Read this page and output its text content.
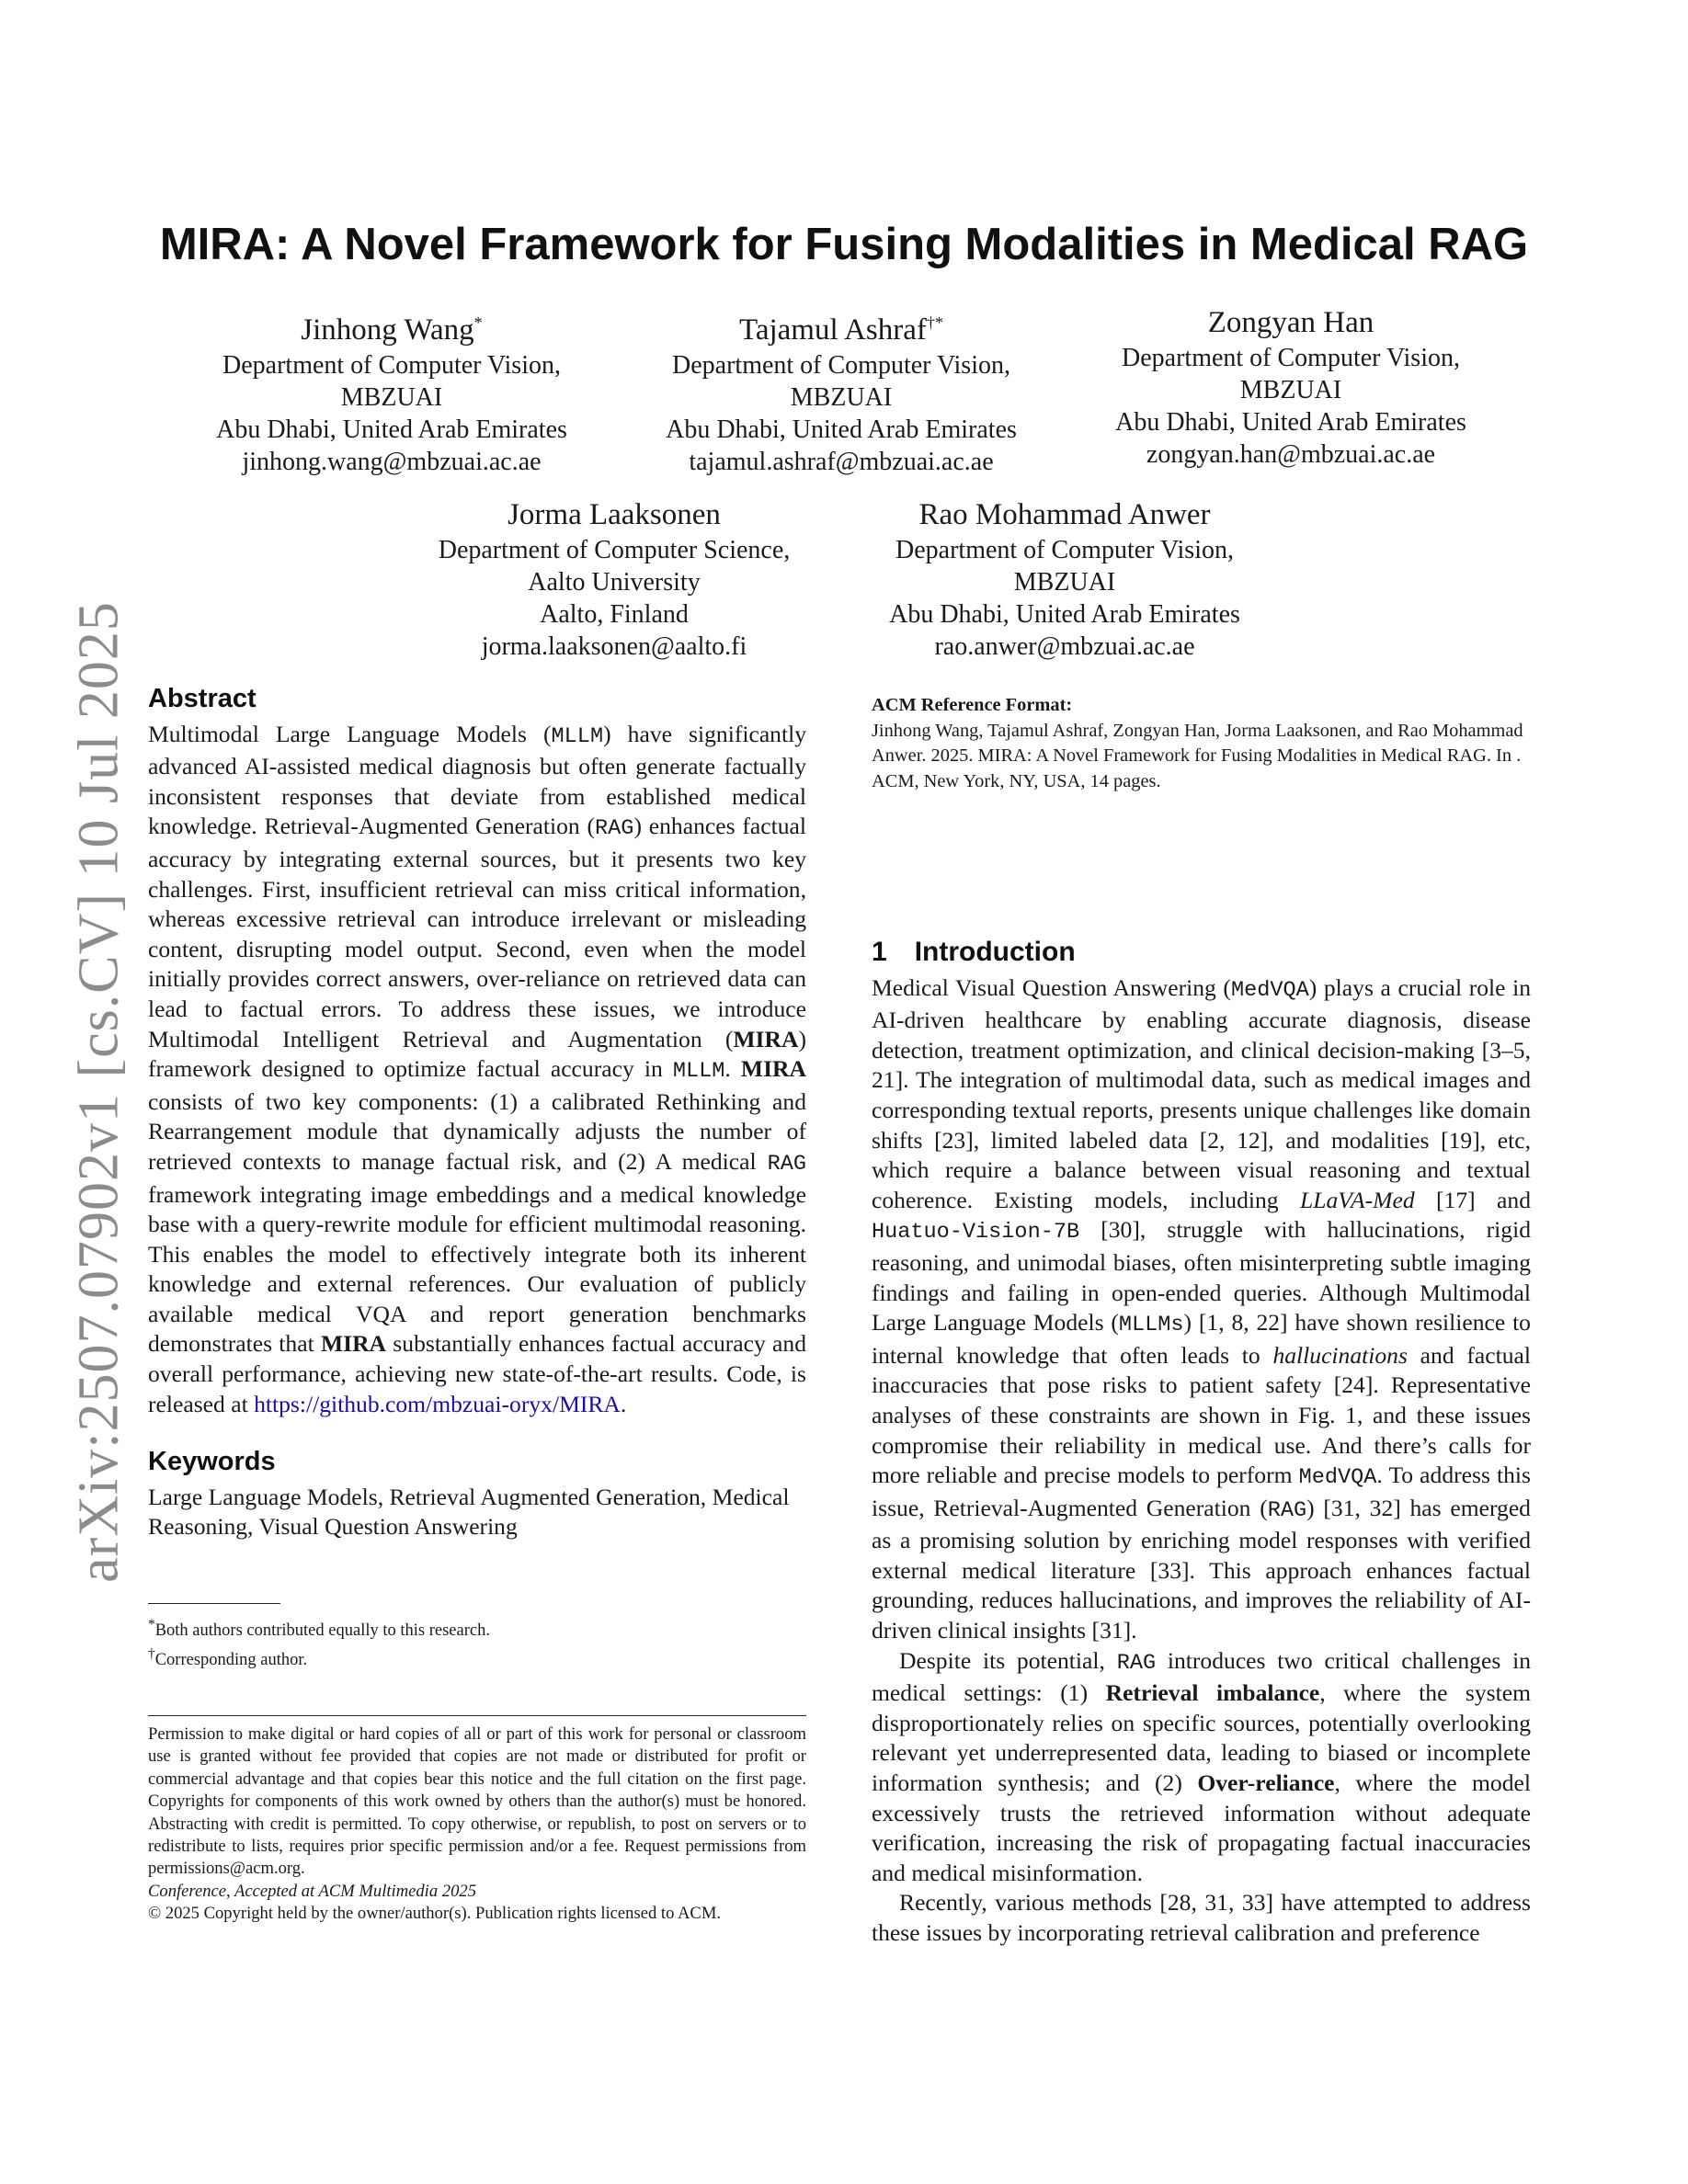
arXiv:2507.07902v1 [cs.CV] 10 Jul 2025
MIRA: A Novel Framework for Fusing Modalities in Medical RAG
Jinhong Wang*
Department of Computer Vision,
MBZUAI
Abu Dhabi, United Arab Emirates
jinhong.wang@mbzuai.ac.ae
Tajamul Ashraf†*
Department of Computer Vision,
MBZUAI
Abu Dhabi, United Arab Emirates
tajamul.ashraf@mbzuai.ac.ae
Zongyan Han
Department of Computer Vision,
MBZUAI
Abu Dhabi, United Arab Emirates
zongyan.han@mbzuai.ac.ae
Jorma Laaksonen
Department of Computer Science,
Aalto University
Aalto, Finland
jorma.laaksonen@aalto.fi
Rao Mohammad Anwer
Department of Computer Vision,
MBZUAI
Abu Dhabi, United Arab Emirates
rao.anwer@mbzuai.ac.ae
Abstract

Multimodal Large Language Models (MLLM) have significantly advanced AI-assisted medical diagnosis but often generate factually inconsistent responses that deviate from established medical knowledge. Retrieval-Augmented Generation (RAG) enhances factual accuracy by integrating external sources, but it presents two key challenges. First, insufficient retrieval can miss critical information, whereas excessive retrieval can introduce irrelevant or misleading content, disrupting model output. Second, even when the model initially provides correct answers, over-reliance on retrieved data can lead to factual errors. To address these issues, we introduce Multimodal Intelligent Retrieval and Augmentation (MIRA) framework designed to optimize factual accuracy in MLLM. MIRA consists of two key components: (1) a calibrated Rethinking and Rearrangement module that dynamically adjusts the number of retrieved contexts to manage factual risk, and (2) A medical RAG framework integrating image embeddings and a medical knowledge base with a query-rewrite module for efficient multimodal reasoning. This enables the model to effectively integrate both its inherent knowledge and external references. Our evaluation of publicly available medical VQA and report generation benchmarks demonstrates that MIRA substantially enhances factual accuracy and overall performance, achieving new state-of-the-art results. Code, is released at https://github.com/mbzuai-oryx/MIRA.

Keywords

Large Language Models, Retrieval Augmented Generation, Medical Reasoning, Visual Question Answering

*Both authors contributed equally to this research.
†Corresponding author.

Permission to make digital or hard copies of all or part of this work for personal or classroom use is granted without fee provided that copies are not made or distributed for profit or commercial advantage and that copies bear this notice and the full citation on the first page. Copyrights for components of this work owned by others than the author(s) must be honored. Abstracting with credit is permitted. To copy otherwise, or republish, to post on servers or to redistribute to lists, requires prior specific permission and/or a fee. Request permissions from permissions@acm.org.

Conference, Accepted at ACM Multimedia 2025

© 2025 Copyright held by the owner/author(s). Publication rights licensed to ACM.

ACM Reference Format:

Jinhong Wang, Tajamul Ashraf, Zongyan Han, Jorma Laaksonen, and Rao Mohammad Anwer. 2025. MIRA: A Novel Framework for Fusing Modalities in Medical RAG. In . ACM, New York, NY, USA, 14 pages.

1 Introduction

Medical Visual Question Answering (MedVQA) plays a crucial role in AI-driven healthcare by enabling accurate diagnosis, disease detection, treatment optimization, and clinical decision-making [3–5, 21]. The integration of multimodal data, such as medical images and corresponding textual reports, presents unique challenges like domain shifts [23], limited labeled data [2, 12], and modalities [19], etc, which require a balance between visual reasoning and textual coherence. Existing models, including LLaVA-Med [17] and Huatuo-Vision-7B [30], struggle with hallucinations, rigid reasoning, and unimodal biases, often misinterpreting subtle imaging findings and failing in open-ended queries. Although Multimodal Large Language Models (MLLMs) [1, 8, 22] have shown resilience to internal knowledge that often leads to hallucinations and factual inaccuracies that pose risks to patient safety [24]. Representative analyses of these constraints are shown in Fig. 1, and these issues compromise their reliability in medical use. And there’s calls for more reliable and precise models to perform MedVQA. To address this issue, Retrieval-Augmented Generation (RAG) [31, 32] has emerged as a promising solution by enriching model responses with verified external medical literature [33]. This approach enhances factual grounding, reduces hallucinations, and improves the reliability of AI-driven clinical insights [31].

Despite its potential, RAG introduces two critical challenges in medical settings: (1) Retrieval imbalance, where the system disproportionately relies on specific sources, potentially overlooking relevant yet underrepresented data, leading to biased or incomplete information synthesis; and (2) Over-reliance, where the model excessively trusts the retrieved information without adequate verification, increasing the risk of propagating factual inaccuracies and medical misinformation.

Recently, various methods [28, 31, 33] have attempted to address these issues by incorporating retrieval calibration and preference
